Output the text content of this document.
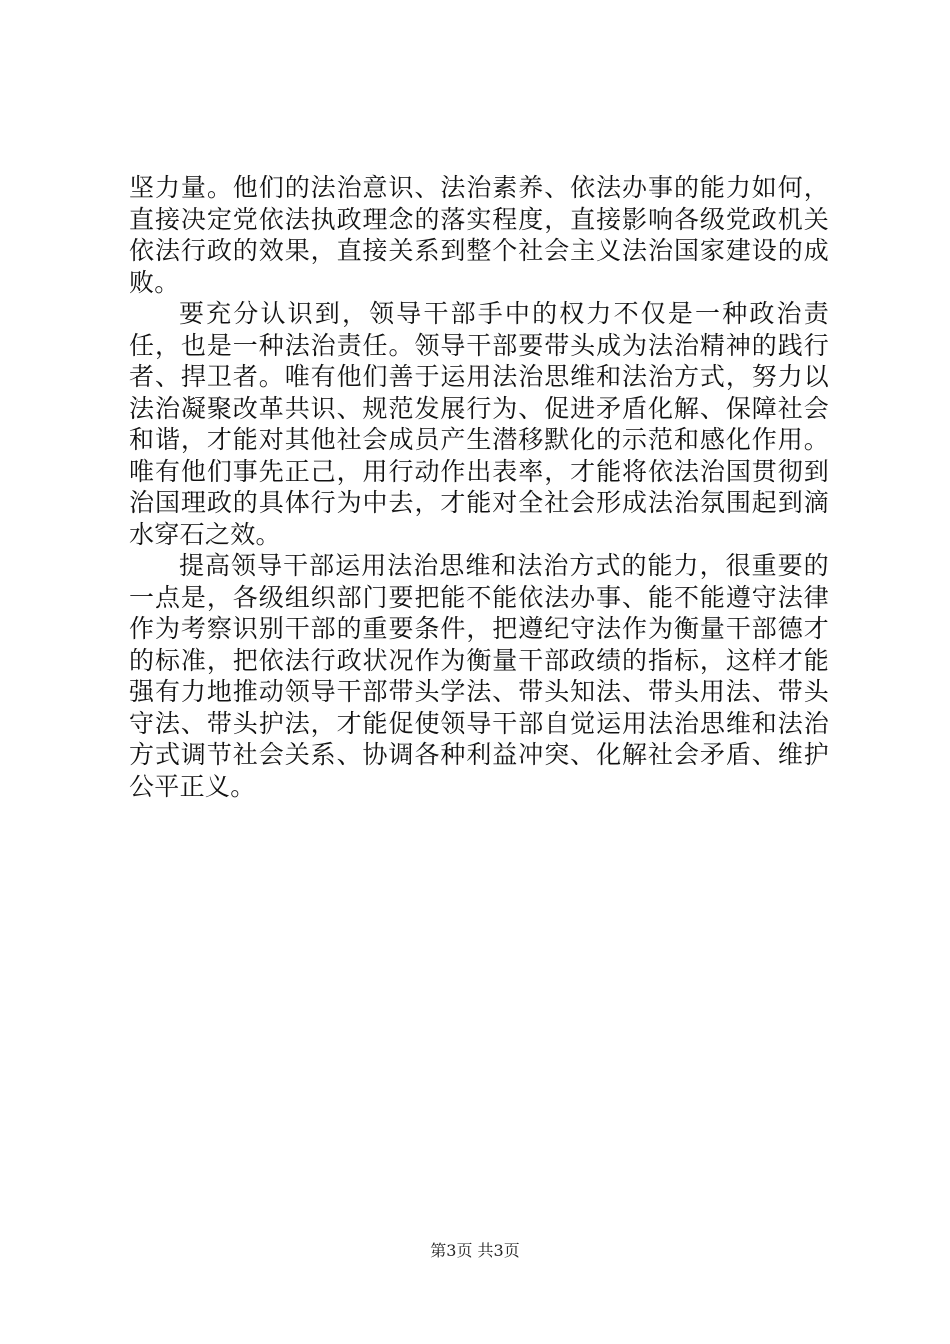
坚力量。他们的法治意识、法治素养、依法办事的能力如何，直接决定党依法执政理念的落实程度，直接影响各级党政机关依法行政的效果，直接关系到整个社会主义法治国家建设的成败。

要充分认识到，领导干部手中的权力不仅是一种政治责任，也是一种法治责任。领导干部要带头成为法治精神的践行者、捍卫者。唯有他们善于运用法治思维和法治方式，努力以法治凝聚改革共识、规范发展行为、促进矛盾化解、保障社会和谐，才能对其他社会成员产生潜移默化的示范和感化作用。唯有他们事先正己，用行动作出表率，才能将依法治国贯彻到治国理政的具体行为中去，才能对全社会形成法治氛围起到滴水穿石之效。

提高领导干部运用法治思维和法治方式的能力，很重要的一点是，各级组织部门要把能不能依法办事、能不能遵守法律作为考察识别干部的重要条件，把遵纪守法作为衡量干部德才的标准，把依法行政状况作为衡量干部政绩的指标，这样才能强有力地推动领导干部带头学法、带头知法、带头用法、带头守法、带头护法，才能促使领导干部自觉运用法治思维和法治方式调节社会关系、协调各种利益冲突、化解社会矛盾、维护公平正义。

第3页 共3页
